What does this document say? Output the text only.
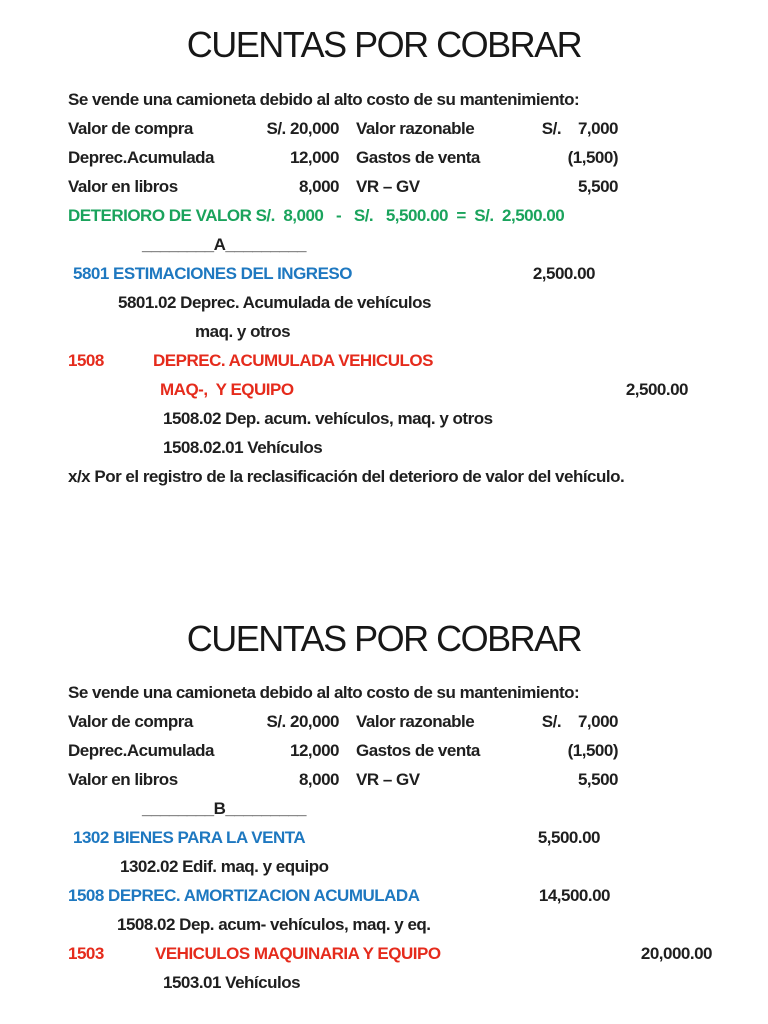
CUENTAS POR COBRAR
Se vende una camioneta debido al alto costo de su mantenimiento:
Valor de compra	S/. 20,000 Valor razonable	S/.    7,000
Deprec.Acumulada	12,000 Gastos de venta	(1,500)
Valor en libros	8,000 VR – GV	5,500
DETERIORO DE VALOR S/.  8,000   -   S/.   5,500.00  =  S/.  2,500.00
________A_________
5801 ESTIMACIONES DEL INGRESO	2,500.00
5801.02 Deprec. Acumulada de vehículos
maq. y otros
1508	DEPREC. ACUMULADA VEHICULOS
MAQ-,  Y EQUIPO	2,500.00
1508.02 Dep. acum. vehículos, maq. y otros
1508.02.01 Vehículos
x/x Por el registro de la reclasificación del deterioro de valor del vehículo.
CUENTAS POR COBRAR
Se vende una camioneta debido al alto costo de su mantenimiento:
Valor de compra	S/. 20,000 Valor razonable	S/.    7,000
Deprec.Acumulada	12,000 Gastos de venta	(1,500)
Valor en libros	8,000 VR – GV	5,500
________B_________
1302 BIENES PARA LA VENTA	5,500.00
1302.02 Edif. maq. y equipo
1508 DEPREC. AMORTIZACION ACUMULADA	14,500.00
1508.02 Dep. acum- vehículos, maq. y eq.
1503	VEHICULOS MAQUINARIA Y EQUIPO	20,000.00
1503.01 Vehículos
